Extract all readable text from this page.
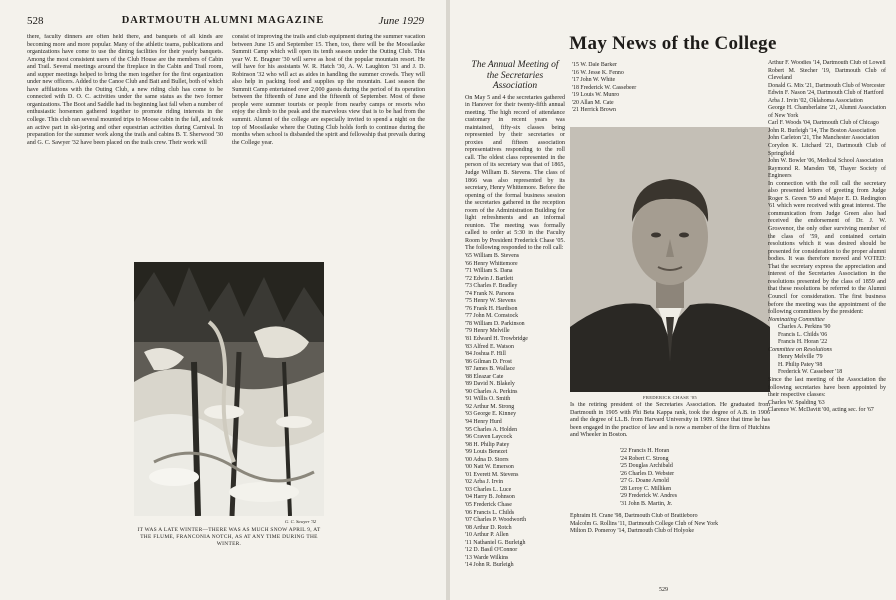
528	DARTMOUTH ALUMNI MAGAZINE	June 1929

there, faculty dinners are often held there, and banquets of all kinds are becoming more and more popular. Many of the athletic teams, publications and organizations have come to use the dining facilities for their yearly banquets. Among the most consistent users of the Club House are the members of Cabin and Trail. Several meetings around the fireplace in the Cabin and Trail room, and supper meetings helped to bring the men together for the first organization under new officers. Added to the Canoe Club and Bait and Bullet, both of which have affiliations with the Outing Club, a new riding club has come to be connected with D. O. C. activities under the same status as the two former organizations. The Boot and Saddle had its beginning last fall when a number of enthusiastic horsemen gathered together to promote riding interests in the college. This club ran several mounted trips to Moose cabin in the fall, and took an active part in ski-joring and other equestrian activities during Carnival. In preparation for the summer work along the trails and cabins B. T. Sherwood '30 and G. C. Sawyer '32 have been placed on the trails crew. Their work will

consist of improving the trails and club equipment during the summer vacation between June 15 and September 15. Then, too, there will be the Moosilauke Summit Camp which will open its tenth season under the Outing Club. This year W. E. Bragner '30 will serve as host of the popular mountain resort. He will have for his assistants W. R. Hatch '30, A. W. Laughton '31 and J. D. Robinson '32 who will act as aides in handling the summer crowds. They will also help in packing food and supplies up the mountain. Last season the Summit Camp entertained over 2,000 guests during the period of its operation between the fifteenth of June and the fifteenth of September. Most of these people were summer tourists or people from nearby camps or resorts who enjoy the climb to the peak and the marvelous view that is to be had from the summit. Alumni of the college are especially invited to spend a night on the top of Moosilauke where the Outing Club holds forth to continue during the months when school is disbanded the spirit and fellowship that prevails during the College year.

G. C. Sawyer '32
IT WAS A LATE WINTER—THERE WAS AS MUCH SNOW APRIL 9, AT THE FLUME, FRANCONIA NOTCH, AS AT ANY TIME DURING THE WINTER.
May News of the College
The Annual Meeting of the Secretaries Association

On May 5 and 4 the secretaries gathered in Hanover for their twenty-fifth annual meeting. The high record of attendance customary in recent years was maintained, fifty-six classes being represented by their secretaries or proxies and fifteen association representatives responding to the roll call. The oldest class represented in the person of its secretary was that of 1865, Judge William B. Stevens. The class of 1866 was also represented by its secretary, Henry Whittemore. Before the opening of the formal business session the secretaries gathered in the reception room of the Administration Building for light refreshments and an informal reunion. The meeting was formally called to order at 5:30 in the Faculty Room by President Frederick Chase '05. The following responded to the roll call:

'65 William B. Stevens
'66 Henry Whittemore
'71 William S. Dana
'72 Edwin J. Bartlett
'73 Charles F. Bradley
'74 Frank N. Parsons
'75 Henry W. Stevens
'76 Frank H. Hardison
'77 John M. Comstock
'78 William D. Parkinson
'79 Henry Melville
'81 Edward H. Trowbridge
'83 Alfred E. Watson
'84 Joshua F. Hill
'86 Gilman D. Frost
'87 James B. Wallace
'88 Eleazar Cate
'89 David N. Blakely
'90 Charles A. Perkins
'91 Willis O. Smith
'92 Arthur M. Strong
'93 George E. Kinney
'94 Henry Hurd
'95 Charles A. Holden
'96 Craven Laycock
'98 H. Philip Patey
'99 Louis Benezet
'00 Adna D. Storrs
'00 Natt W. Emerson
'01 Everett M. Stevens
'02 Arba J. Irvin
'03 Charles L. Luce
'04 Harry B. Johnson
'05 Frederick Chase
'06 Francis L. Childs
'07 Charles P. Woodworth
'08 Arthur D. Rotch
'10 Arthur P. Allen
'11 Nathaniel G. Burleigh
'12 D. Basil O'Connor
'13 Warde Wilkins
'14 John R. Burleigh
'15 W. Dale Barker
'16 W. Jesse K. Fenno
'17 John W. White
'18 Frederick W. Cassebeer
'19 Louis W. Munro
'20 Allan M. Cate
'21 Herrick Brown
FREDERICK CHASE '05

Is the retiring president of the Secretaries Association. He graduated from Dartmouth in 1905 with Phi Beta Kappa rank, took the degree of A.B. in 1906 and the degree of LL.B. from Harvard University in 1909. Since that time he has been engaged in the practice of law and is now a member of the firm of Hutchins and Wheeler in Boston.

'22 Francis H. Horan
'24 Robert C. Strong
'25 Douglas Archibald
'26 Charles D. Webster
'27 G. Doane Arnold
'28 Leroy C. Milliken
'29 Frederick W. Andres
'31 John B. Martin, Jr.
Ephraim H. Crane '98, Dartmouth Club of Brattleboro
Malcolm G. Rollins '11, Dartmouth College Club of New York
Milton D. Pomeroy '14, Dartmouth Club of Holyoke
Arthur F. Woodies '14, Dartmouth Club of Lowell
Robert M. Stecher '19, Dartmouth Club of Cleveland
Donald G. Mix '21, Dartmouth Club of Worcester
Edwin F. Nason '24, Dartmouth Club of Hartford
Arba J. Irvin '02, Oklahoma Association
George H. Chamberlaine '21, Alumni Association of New York
Carl F. Woods '04, Dartmouth Club of Chicago
John R. Burleigh '14, The Boston Association
John Carleton '21, The Manchester Association
Corydon K. Litchard '21, Dartmouth Club of Springfield
John W. Bowler '06, Medical School Association
Raymond R. Marsden '08, Thayer Society of Engineers

In connection with the roll call the secretary also presented letters of greeting from Judge Roger S. Green '59 and Major E. D. Redington '61 which were received with great interest. The communication from Judge Green also had received the endorsement of Dr. J. W. Grosvenor, the only other surviving member of the class of '59, and contained certain resolutions which it was desired should be presented for consideration to the proper alumni bodies. It was therefore moved and VOTED: That the secretary express the appreciation and interest of the Secretaries Association in the resolutions presented by the class of 1859 and that these resolutions be referred to the Alumni Council for consideration. The first business before the meeting was the appointment of the following committees by the president:

Nominating Committee
Charles A. Perkins '90
Francis L. Childs '06
Francis H. Horan '22
Committee on Resolutions
Henry Melville '79
H. Philip Patey '98
Frederick W. Cassebeer '18

Since the last meeting of the Association the following secretaries have been appointed by their respective classes:

Charles W. Spalding '63
Clarence W. McDavitt '00, acting sec. for '67
529
